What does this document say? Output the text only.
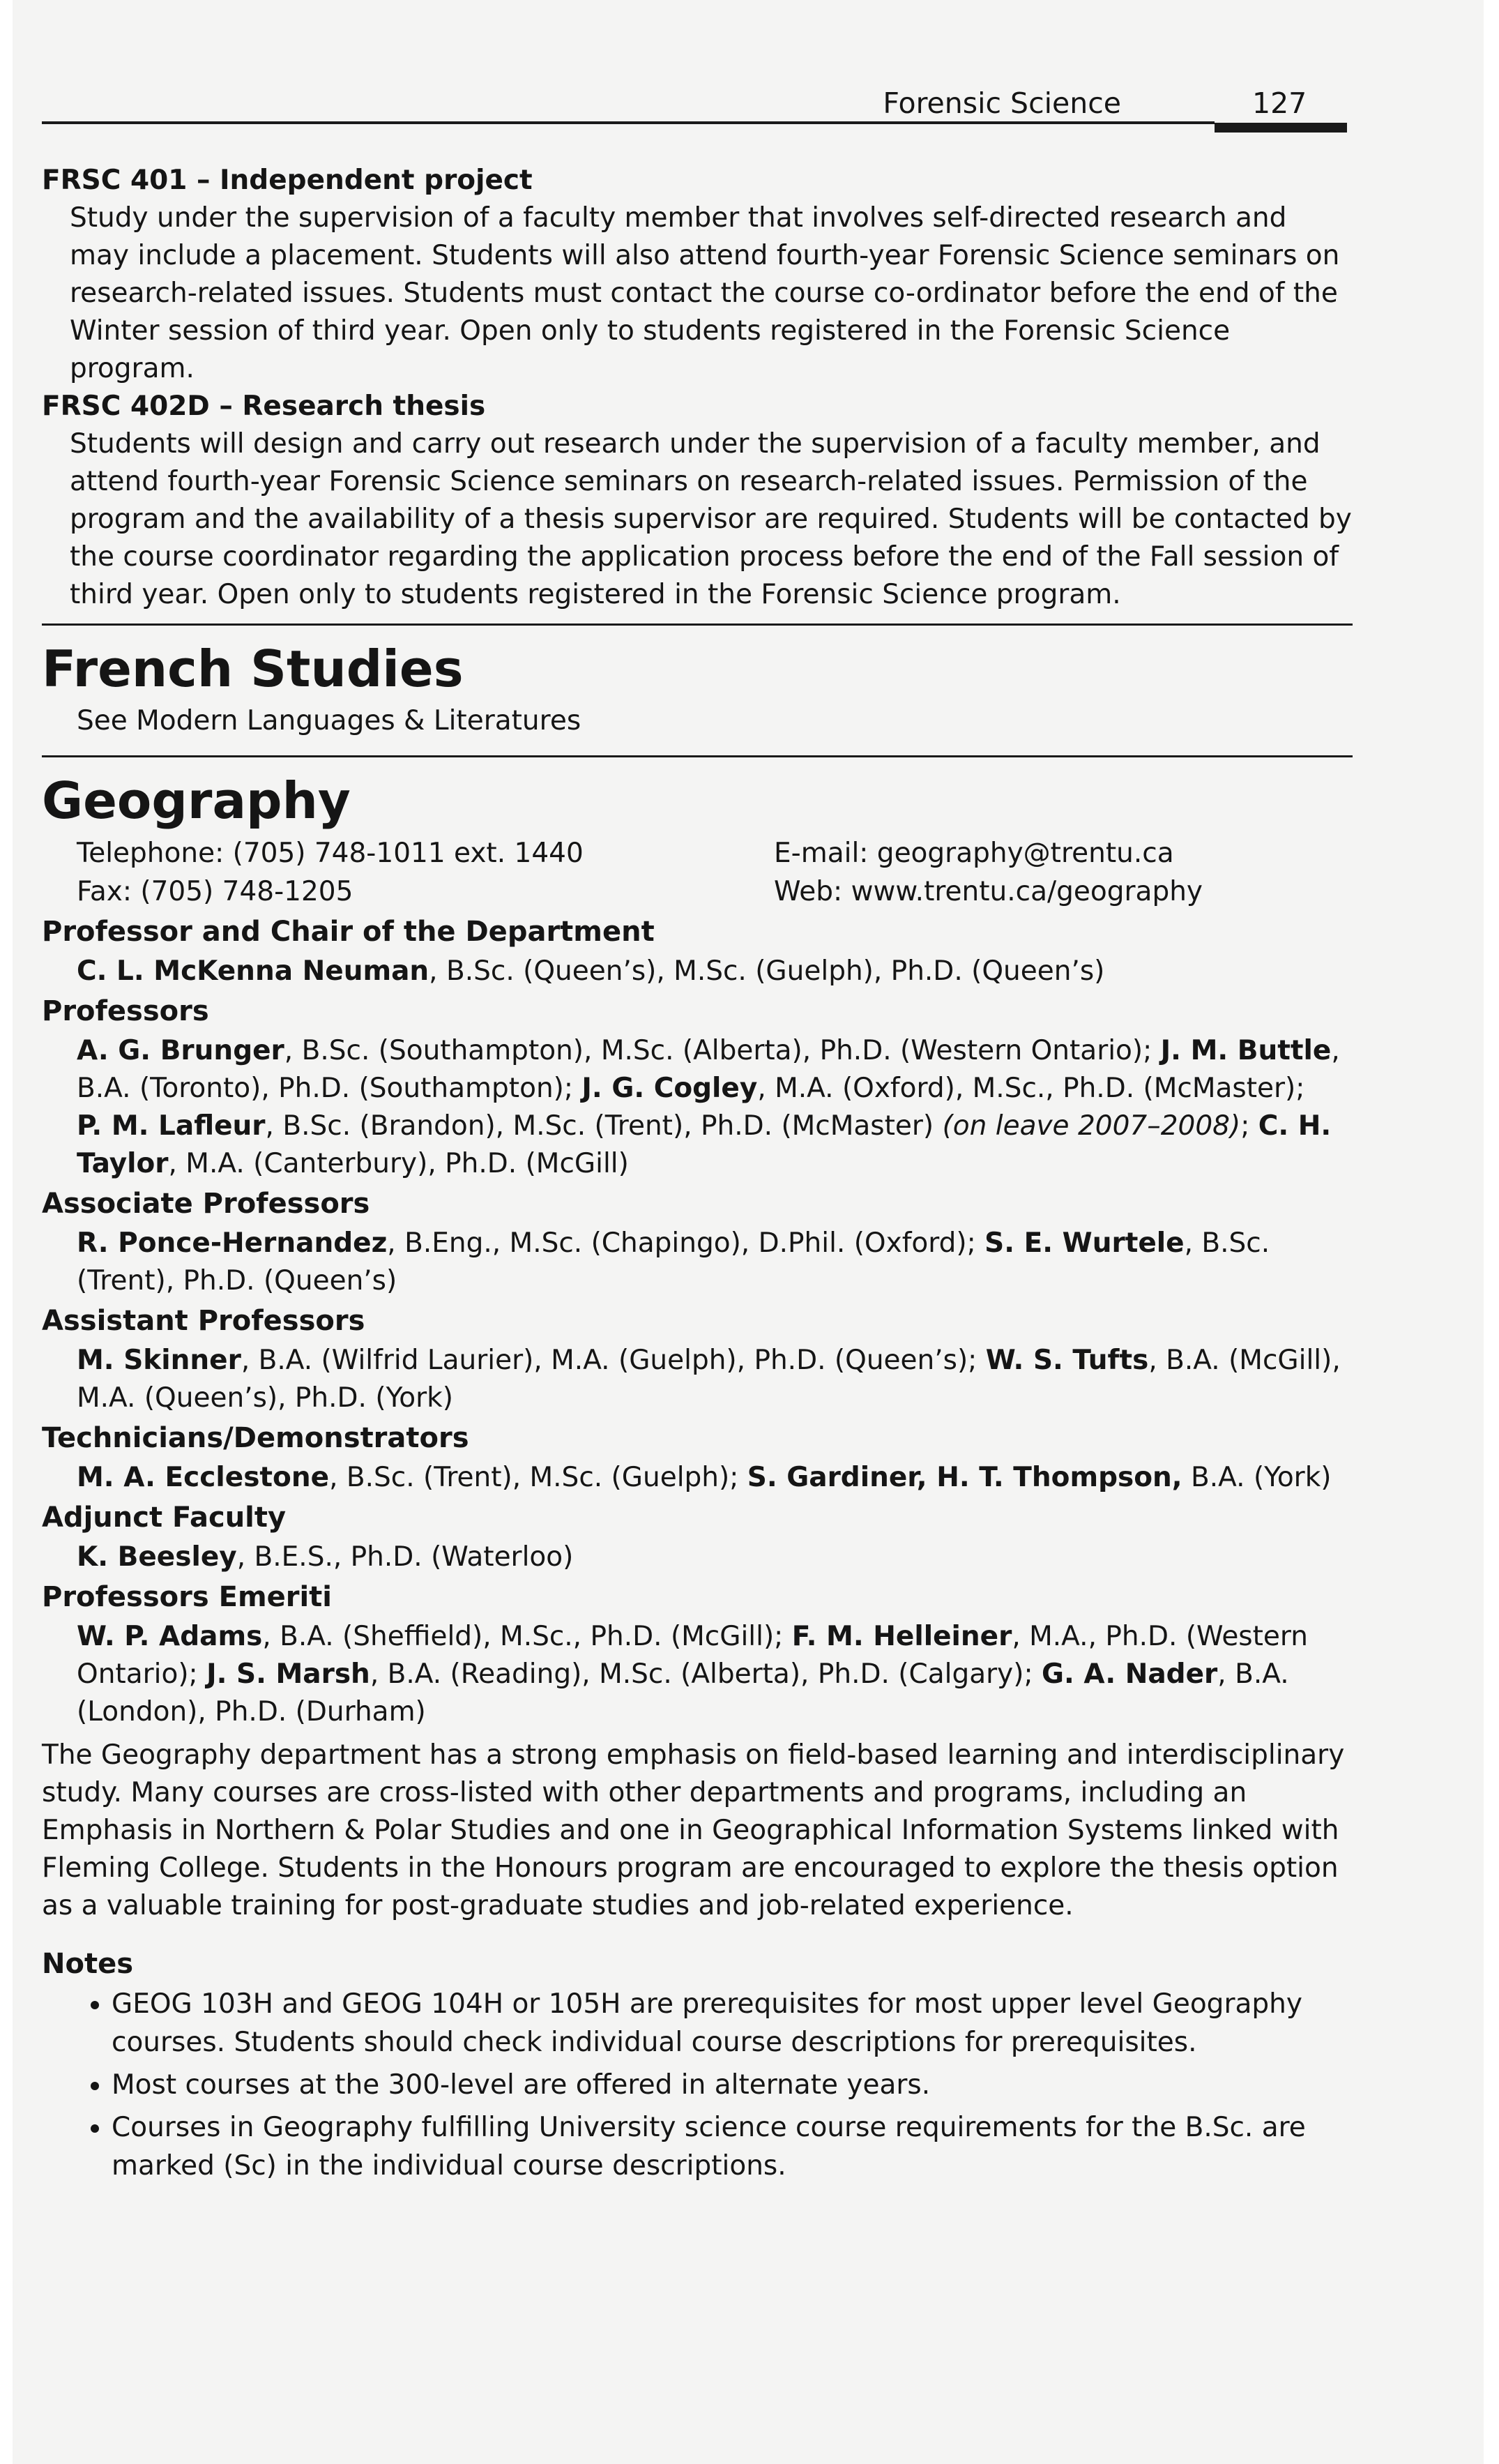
Forensic Science	127

FRSC 401 – Independent project

Study under the supervision of a faculty member that involves self-directed research and may include a placement. Students will also attend fourth-year Forensic Science seminars on research-related issues. Students must contact the course co-ordinator before the end of the Winter session of third year. Open only to students registered in the Forensic Science program.

FRSC 402D – Research thesis

Students will design and carry out research under the supervision of a faculty member, and attend fourth-year Forensic Science seminars on research-related issues. Permission of the program and the availability of a thesis supervisor are required. Students will be contacted by the course coordinator regarding the application process before the end of the Fall session of third year. Open only to students registered in the Forensic Science program.

French Studies

See Modern Languages & Literatures

Geography
Telephone: (705) 748-1011 ext. 1440	E-mail: geography@trentu.ca
Fax: (705) 748-1205	Web: www.trentu.ca/geography

Professor and Chair of the Department

C. L. McKenna Neuman, B.Sc. (Queen’s), M.Sc. (Guelph), Ph.D. (Queen’s)

Professors

A. G. Brunger, B.Sc. (Southampton), M.Sc. (Alberta), Ph.D. (Western Ontario); J. M. Buttle, B.A. (Toronto), Ph.D. (Southampton); J. G. Cogley, M.A. (Oxford), M.Sc., Ph.D. (McMaster);
P. M. Lafleur, B.Sc. (Brandon), M.Sc. (Trent), Ph.D. (McMaster) (on leave 2007–2008); C. H. Taylor, M.A. (Canterbury), Ph.D. (McGill)

Associate Professors

R. Ponce-Hernandez, B.Eng., M.Sc. (Chapingo), D.Phil. (Oxford); S. E. Wurtele, B.Sc. (Trent), Ph.D. (Queen’s)

Assistant Professors

M. Skinner, B.A. (Wilfrid Laurier), M.A. (Guelph), Ph.D. (Queen’s); W. S. Tufts, B.A. (McGill), M.A. (Queen’s), Ph.D. (York)

Technicians/Demonstrators

M. A. Ecclestone, B.Sc. (Trent), M.Sc. (Guelph); S. Gardiner, H. T. Thompson, B.A. (York)

Adjunct Faculty

K. Beesley, B.E.S., Ph.D. (Waterloo)

Professors Emeriti

W. P. Adams, B.A. (Sheffield), M.Sc., Ph.D. (McGill); F. M. Helleiner, M.A., Ph.D. (Western Ontario); J. S. Marsh, B.A. (Reading), M.Sc. (Alberta), Ph.D. (Calgary); G. A. Nader, B.A. (London), Ph.D. (Durham)

The Geography department has a strong emphasis on field-based learning and interdisciplinary study. Many courses are cross-listed with other departments and programs, including an Emphasis in Northern & Polar Studies and one in Geographical Information Systems linked with Fleming College. Students in the Honours program are encouraged to explore the thesis option as a valuable training for post-graduate studies and job-related experience.

Notes

• GEOG 103H and GEOG 104H or 105H are prerequisites for most upper level Geography courses. Students should check individual course descriptions for prerequisites.
• Most courses at the 300-level are offered in alternate years.
• Courses in Geography fulfilling University science course requirements for the B.Sc. are marked (Sc) in the individual course descriptions.
